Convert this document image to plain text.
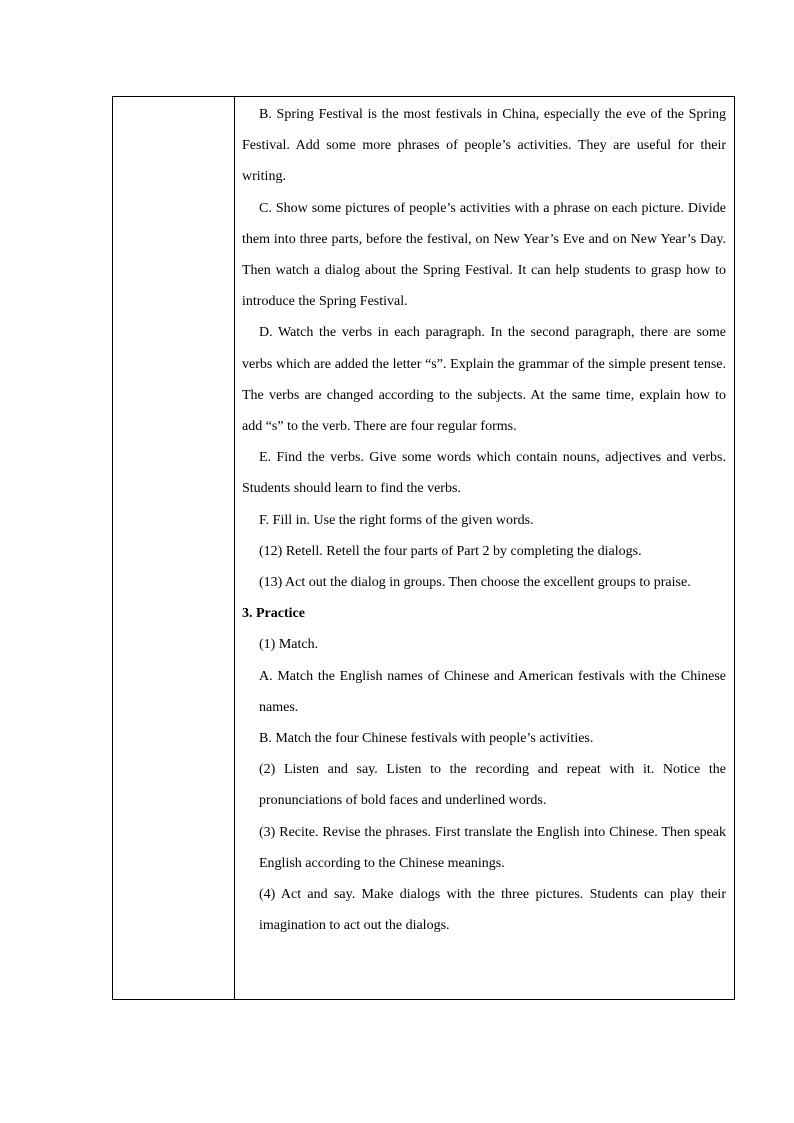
B. Spring Festival is the most festivals in China, especially the eve of the Spring Festival. Add some more phrases of people’s activities. They are useful for their writing.

C. Show some pictures of people’s activities with a phrase on each picture. Divide them into three parts, before the festival, on New Year’s Eve and on New Year’s Day. Then watch a dialog about the Spring Festival. It can help students to grasp how to introduce the Spring Festival.

D. Watch the verbs in each paragraph. In the second paragraph, there are some verbs which are added the letter “s”. Explain the grammar of the simple present tense. The verbs are changed according to the subjects. At the same time, explain how to add “s” to the verb. There are four regular forms.

E. Find the verbs. Give some words which contain nouns, adjectives and verbs. Students should learn to find the verbs.

F. Fill in. Use the right forms of the given words.

(12) Retell. Retell the four parts of Part 2 by completing the dialogs.

(13) Act out the dialog in groups. Then choose the excellent groups to praise.

3. Practice

(1) Match.

A. Match the English names of Chinese and American festivals with the Chinese names.

B. Match the four Chinese festivals with people’s activities.

(2) Listen and say. Listen to the recording and repeat with it. Notice the pronunciations of bold faces and underlined words.

(3) Recite. Revise the phrases. First translate the English into Chinese. Then speak English according to the Chinese meanings.

(4) Act and say. Make dialogs with the three pictures. Students can play their imagination to act out the dialogs.
